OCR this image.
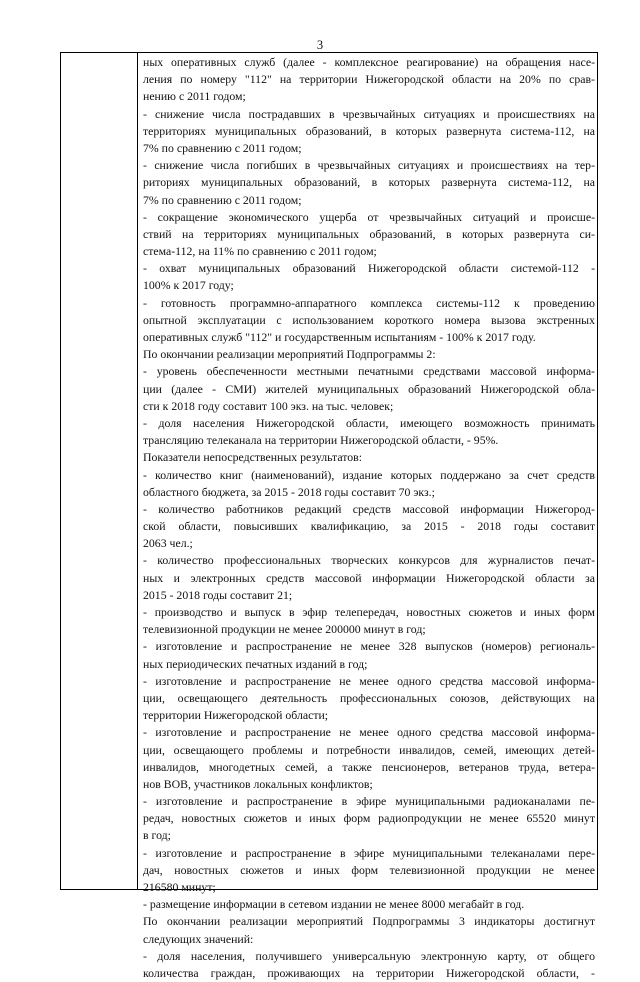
3
ных оперативных служб (далее - комплексное реагирование) на обращения насе-
ления по номеру "112" на территории Нижегородской области на 20% по срав-
нению с 2011 годом;
- снижение числа пострадавших в чрезвычайных ситуациях и происшествиях на
территориях муниципальных образований, в которых развернута система-112, на
7% по сравнению с 2011 годом;
- снижение числа погибших в чрезвычайных ситуациях и происшествиях на тер-
риториях муниципальных образований, в которых развернута система-112, на
7% по сравнению с 2011 годом;
- сокращение экономического ущерба от чрезвычайных ситуаций и происше-
ствий на территориях муниципальных образований, в которых развернута си-
стема-112, на 11% по сравнению с 2011 годом;
- охват муниципальных образований Нижегородской области системой-112 -
100% к 2017 году;
- готовность программно-аппаратного комплекса системы-112 к проведению
опытной эксплуатации с использованием короткого номера вызова экстренных
оперативных служб "112" и государственным испытаниям - 100% к 2017 году.
По окончании реализации мероприятий Подпрограммы 2:
- уровень обеспеченности местными печатными средствами массовой информа-
ции (далее - СМИ) жителей муниципальных образований Нижегородской обла-
сти к 2018 году составит 100 экз. на тыс. человек;
- доля населения Нижегородской области, имеющего возможность принимать
трансляцию телеканала на территории Нижегородской области, - 95%.
Показатели непосредственных результатов:
- количество книг (наименований), издание которых поддержано за счет средств
областного бюджета, за 2015 - 2018 годы составит 70 экз.;
- количество работников редакций средств массовой информации Нижегород-
ской области, повысивших квалификацию, за 2015 - 2018 годы составит
2063 чел.;
- количество профессиональных творческих конкурсов для журналистов печат-
ных и электронных средств массовой информации Нижегородской области за
2015 - 2018 годы составит 21;
- производство и выпуск в эфир телепередач, новостных сюжетов и иных форм
телевизионной продукции не менее 200000 минут в год;
- изготовление и распространение не менее 328 выпусков (номеров) региональ-
ных периодических печатных изданий в год;
- изготовление и распространение не менее одного средства массовой информа-
ции, освещающего деятельность профессиональных союзов, действующих на
территории Нижегородской области;
- изготовление и распространение не менее одного средства массовой информа-
ции, освещающего проблемы и потребности инвалидов, семей, имеющих детей-
инвалидов, многодетных семей, а также пенсионеров, ветеранов труда, ветера-
нов ВОВ, участников локальных конфликтов;
- изготовление и распространение в эфире муниципальными радиоканалами пе-
редач, новостных сюжетов и иных форм радиопродукции не менее 65520 минут
в год;
- изготовление и распространение в эфире муниципальными телеканалами пере-
дач, новостных сюжетов и иных форм телевизионной продукции не менее
216580 минут;
- размещение информации в сетевом издании не менее 8000 мегабайт в год.
По окончании реализации мероприятий Подпрограммы 3 индикаторы достигнут
следующих значений:
- доля населения, получившего универсальную электронную карту, от общего
количества граждан, проживающих на территории Нижегородской области, -
